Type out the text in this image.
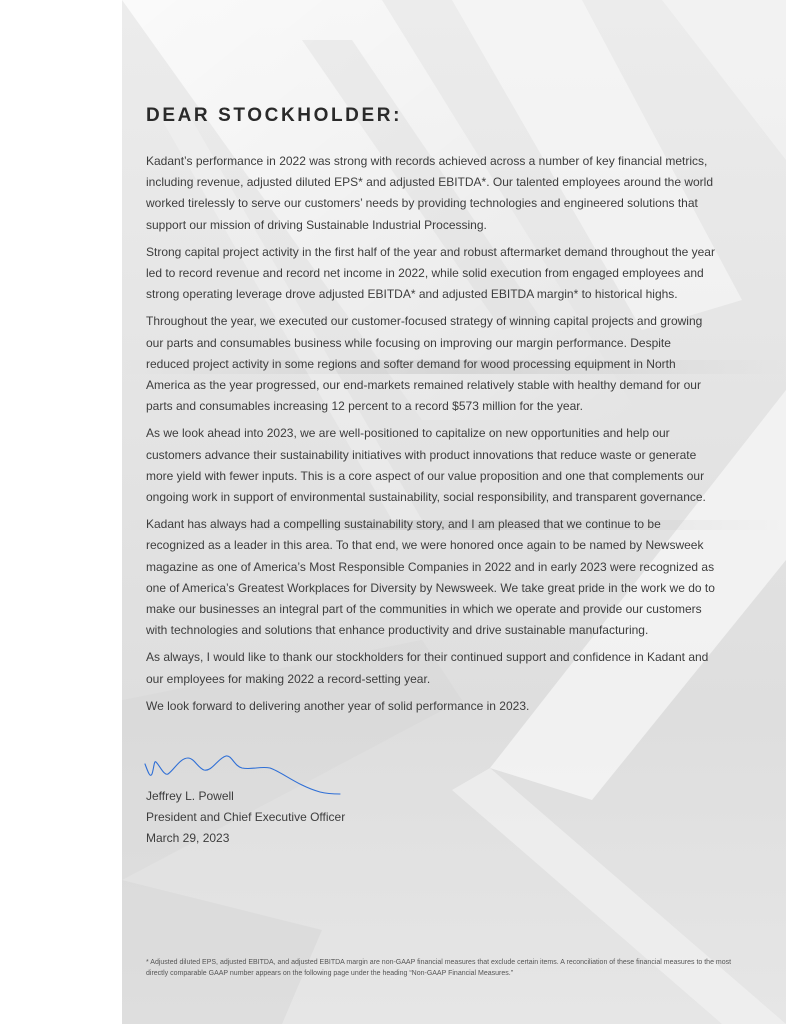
DEAR STOCKHOLDER:

Kadant’s performance in 2022 was strong with records achieved across a number of key financial metrics, including revenue, adjusted diluted EPS* and adjusted EBITDA*. Our talented employees around the world worked tirelessly to serve our customers’ needs by providing technologies and engineered solutions that support our mission of driving Sustainable Industrial Processing.

Strong capital project activity in the first half of the year and robust aftermarket demand throughout the year led to record revenue and record net income in 2022, while solid execution from engaged employees and strong operating leverage drove adjusted EBITDA* and adjusted EBITDA margin* to historical highs.

Throughout the year, we executed our customer-focused strategy of winning capital projects and growing our parts and consumables business while focusing on improving our margin performance. Despite reduced project activity in some regions and softer demand for wood processing equipment in North America as the year progressed, our end-markets remained relatively stable with healthy demand for our parts and consumables increasing 12 percent to a record $573 million for the year.

As we look ahead into 2023, we are well-positioned to capitalize on new opportunities and help our customers advance their sustainability initiatives with product innovations that reduce waste or generate more yield with fewer inputs. This is a core aspect of our value proposition and one that complements our ongoing work in support of environmental sustainability, social responsibility, and transparent governance.

Kadant has always had a compelling sustainability story, and I am pleased that we continue to be recognized as a leader in this area. To that end, we were honored once again to be named by Newsweek magazine as one of America’s Most Responsible Companies in 2022 and in early 2023 were recognized as one of America’s Greatest Workplaces for Diversity by Newsweek. We take great pride in the work we do to make our businesses an integral part of the communities in which we operate and provide our customers with technologies and solutions that enhance productivity and drive sustainable manufacturing.

As always, I would like to thank our stockholders for their continued support and confidence in Kadant and our employees for making 2022 a record-setting year.

We look forward to delivering another year of solid performance in 2023.

Jeffrey L. Powell
President and Chief Executive Officer
March 29, 2023
* Adjusted diluted EPS, adjusted EBITDA, and adjusted EBITDA margin are non-GAAP financial measures that exclude certain items. A reconciliation of these financial measures to the most directly comparable GAAP number appears on the following page under the heading “Non-GAAP Financial Measures.”
